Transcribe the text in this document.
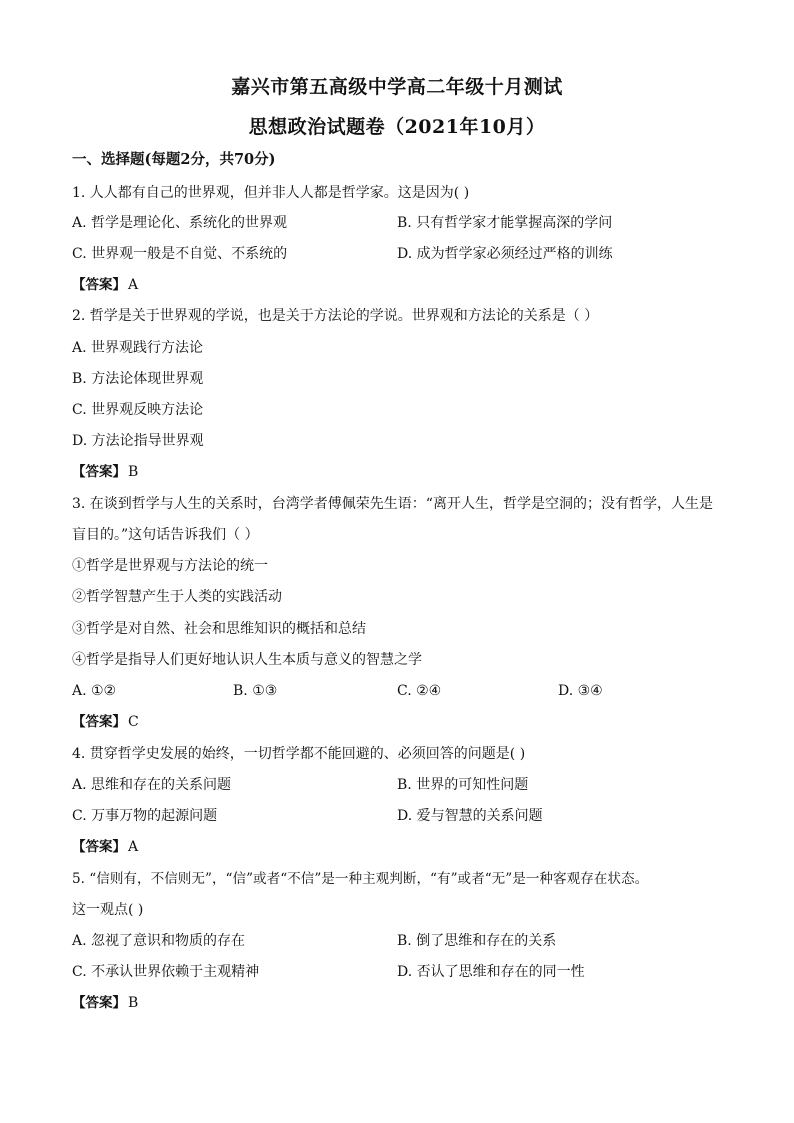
嘉兴市第五高级中学高二年级十月测试
思想政治试题卷（2021年10月）
一、选择题(每题2分，共70分)
1. 人人都有自己的世界观，但并非人人都是哲学家。这是因为( )
A. 哲学是理论化、系统化的世界观	B. 只有哲学家才能掌握高深的学问
C. 世界观一般是不自觉、不系统的	D. 成为哲学家必须经过严格的训练
【答案】 A
2. 哲学是关于世界观的学说，也是关于方法论的学说。世界观和方法论的关系是（ ）
A. 世界观践行方法论
B. 方法论体现世界观
C. 世界观反映方法论
D. 方法论指导世界观
【答案】 B
3. 在谈到哲学与人生的关系时，台湾学者傅佩荣先生语：“离开人生，哲学是空洞的；没有哲学，人生是
盲目的。”这句话告诉我们（ ）
①哲学是世界观与方法论的统一
②哲学智慧产生于人类的实践活动
③哲学是对自然、社会和思维知识的概括和总结
④哲学是指导人们更好地认识人生本质与意义的智慧之学
A. ①②	B. ①③	C. ②④	D. ③④
【答案】 C
4. 贯穿哲学史发展的始终，一切哲学都不能回避的、必须回答的问题是( )
A. 思维和存在的关系问题	B. 世界的可知性问题
C. 万事万物的起源问题	D. 爱与智慧的关系问题
【答案】 A
5. “信则有，不信则无”，“信”或者“不信”是一种主观判断，“有”或者“无”是一种客观存在状态。
这一观点( )
A. 忽视了意识和物质的存在	B. 倒了思维和存在的关系
C. 不承认世界依赖于主观精神	D. 否认了思维和存在的同一性
【答案】 B
